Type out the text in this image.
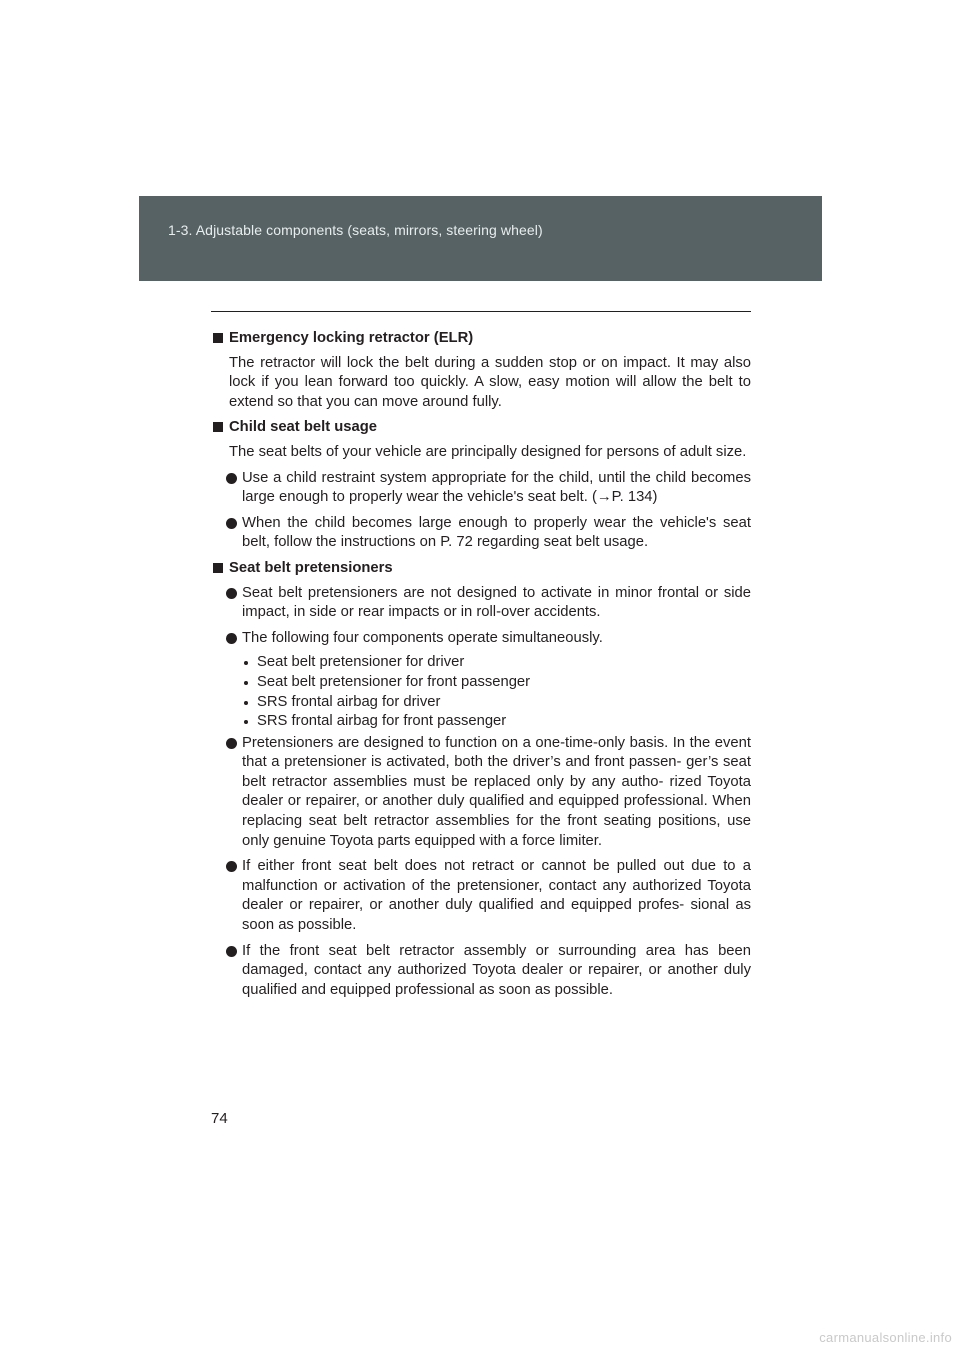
1-3. Adjustable components (seats, mirrors, steering wheel)
Emergency locking retractor (ELR)
The retractor will lock the belt during a sudden stop or on impact. It may also lock if you lean forward too quickly. A slow, easy motion will allow the belt to extend so that you can move around fully.
Child seat belt usage
The seat belts of your vehicle are principally designed for persons of adult size.
Use a child restraint system appropriate for the child, until the child becomes large enough to properly wear the vehicle's seat belt. (→P. 134)
When the child becomes large enough to properly wear the vehicle's seat belt, follow the instructions on P. 72 regarding seat belt usage.
Seat belt pretensioners
Seat belt pretensioners are not designed to activate in minor frontal or side impact, in side or rear impacts or in roll-over accidents.
The following four components operate simultaneously.
Seat belt pretensioner for driver
Seat belt pretensioner for front passenger
SRS frontal airbag for driver
SRS frontal airbag for front passenger
Pretensioners are designed to function on a one-time-only basis. In the event that a pretensioner is activated, both the driver’s and front passen- ger’s seat belt retractor assemblies must be replaced only by any autho- rized Toyota dealer or repairer, or another duly qualified and equipped professional. When replacing seat belt retractor assemblies for the front seating positions, use only genuine Toyota parts equipped with a force limiter.
If either front seat belt does not retract or cannot be pulled out due to a malfunction or activation of the pretensioner, contact any authorized Toyota dealer or repairer, or another duly qualified and equipped profes- sional as soon as possible.
If the front seat belt retractor assembly or surrounding area has been damaged, contact any authorized Toyota dealer or repairer, or another duly qualified and equipped professional as soon as possible.
74
carmanualsonline.info
